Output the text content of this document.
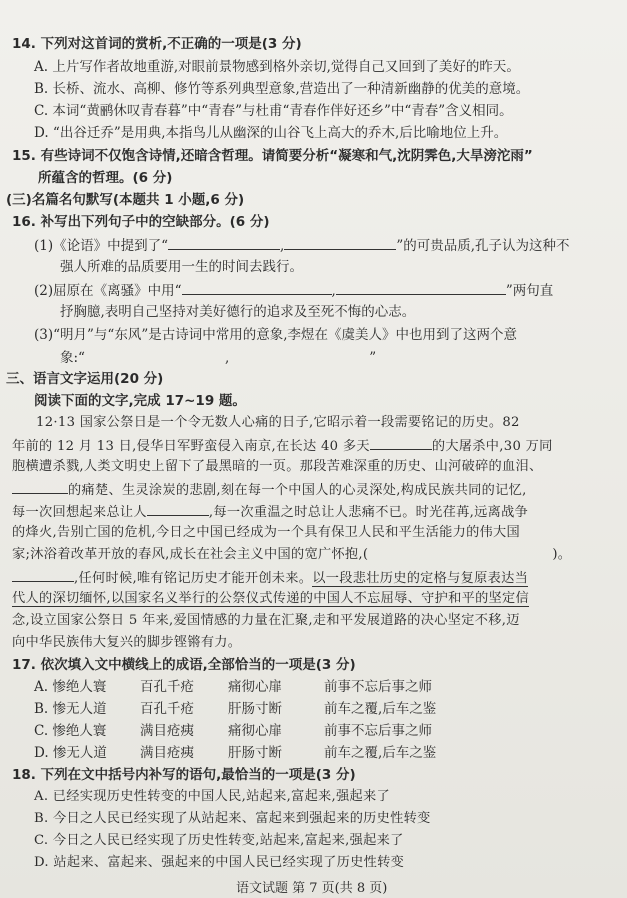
14. 下列对这首词的赏析,不正确的一项是(3 分)
A. 上片写作者故地重游,对眼前景物感到格外亲切,觉得自己又回到了美好的昨天。
B. 长桥、流水、高柳、修竹等系列典型意象,营造出了一种清新幽静的优美的意境。
C. 本词“黄鹂休叹青春暮”中“青春”与杜甫“青春作伴好还乡”中“青春”含义相同。
D. “出谷迁乔”是用典,本指鸟儿从幽深的山谷飞上高大的乔木,后比喻地位上升。
15. 有些诗词不仅饱含诗情,还暗含哲理。请简要分析“凝寒和气,沈阴霁色,大旱滂沱雨”
所蕴含的哲理。(6 分)
(三)名篇名句默写(本题共 1 小题,6 分)
16. 补写出下列句子中的空缺部分。(6 分)
(1)《论语》中提到了“	,	”的可贵品质,孔子认为这种不
强人所难的品质要用一生的时间去践行。
(2)屈原在《离骚》中用“	,	”两句直
抒胸臆,表明自己坚持对美好德行的追求及至死不悔的心志。
(3)“明月”与“东风”是古诗词中常用的意象,李煜在《虞美人》中也用到了这两个意
象:“	,	”
三、语言文字运用(20 分)
阅读下面的文字,完成 17~19 题。
12·13 国家公祭日是一个令无数人心痛的日子,它昭示着一段需要铭记的历史。82
年前的 12 月 13 日,侵华日军野蛮侵入南京,在长达 40 多天	的大屠杀中,30 万同
胞横遭杀戮,人类文明史上留下了最黑暗的一页。那段苦难深重的历史、山河破碎的血泪、
的痛楚、生灵涂炭的悲剧,刻在每一个中国人的心灵深处,构成民族共同的记忆,
每一次回想起来总让人	,每一次重温之时总让人悲痛不已。时光荏苒,远离战争
的烽火,告别亡国的危机,今日之中国已经成为一个具有保卫人民和平生活能力的伟大国
家;沐浴着改革开放的春风,成长在社会主义中国的宽广怀抱,(	)。
,任何时候,唯有铭记历史才能开创未来。以一段悲壮历史的定格与复原表达当
代人的深切缅怀,以国家名义举行的公祭仪式传递的中国人不忘屈辱、守护和平的坚定信
念,设立国家公祭日 5 年来,爱国情感的力量在汇聚,走和平发展道路的决心坚定不移,迈
向中华民族伟大复兴的脚步铿锵有力。
17. 依次填入文中横线上的成语,全部恰当的一项是(3 分)
A. 惨绝人寰 百孔千疮	痛彻心扉	前事不忘后事之师
B. 惨无人道 百孔千疮	肝肠寸断	前车之覆,后车之鉴
C. 惨绝人寰 满目疮痍	痛彻心扉	前事不忘后事之师
D. 惨无人道 满目疮痍	肝肠寸断	前车之覆,后车之鉴
18. 下列在文中括号内补写的语句,最恰当的一项是(3 分)
A. 已经实现历史性转变的中国人民,站起来,富起来,强起来了
B. 今日之人民已经实现了从站起来、富起来到强起来的历史性转变
C. 今日之人民已经实现了历史性转变,站起来,富起来,强起来了
D. 站起来、富起来、强起来的中国人民已经实现了历史性转变
语文试题 第 7 页(共 8 页)
